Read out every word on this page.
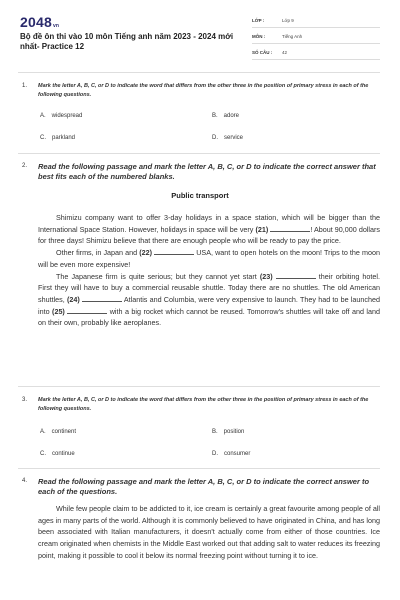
2048vn
Bộ đề ôn thi vào 10 môn Tiếng anh năm 2023 - 2024 mới nhất- Practice 12
LỚP :	Lớp 9
MÔN :	Tiếng Anh
SỐ CÂU :	42
1. Mark the letter A, B, C, or D to indicate the word that differs from the other three in the position of primary stress in each of the following questions.
A. widespread	B. adore
C. parkland	D. service
2. Read the following passage and mark the letter A, B, C, or D to indicate the correct answer that best fits each of the numbered blanks.
Public transport

Shimizu company want to offer 3-day holidays in a space station, which will be bigger than the International Space Station. However, holidays in space will be very (21)	! About 90,000 dollars for three days! Shimizu believe that there are enough people who will be ready to pay the price.

Other firms, in Japan and (22)	USA, want to open hotels on the moon! Trips to the moon will be even more expensive!

The Japanese firm is quite serious; but they cannot yet start (23)	their orbiting hotel. First they will have to buy a commercial reusable shuttle. Today there are no shuttles. The old American shuttles, (24)	Atlantis and Columbia, were very expensive to launch. They had to be launched into (25)	with a big rocket which cannot be reused. Tomorrow's shuttles will take off and land on their own, probably like aeroplanes.

3. Mark the letter A, B, C, or D to indicate the word that differs from the other three in the position of primary stress in each of the following questions.
A. continent	B. position
C. continue	D. consumer
4. Read the following passage and mark the letter A, B, C, or D to indicate the correct answer to each of the questions.

While few people claim to be addicted to it, ice cream is certainly a great favourite among people of all ages in many parts of the world. Although it is commonly believed to have originated in China, and has long been associated with Italian manufacturers, it doesn't actually come from either of those countries. Ice cream originated when chemists in the Middle East worked out that adding salt to water reduces its freezing point, making it possible to cool it below its normal freezing point without turning it to ice.
